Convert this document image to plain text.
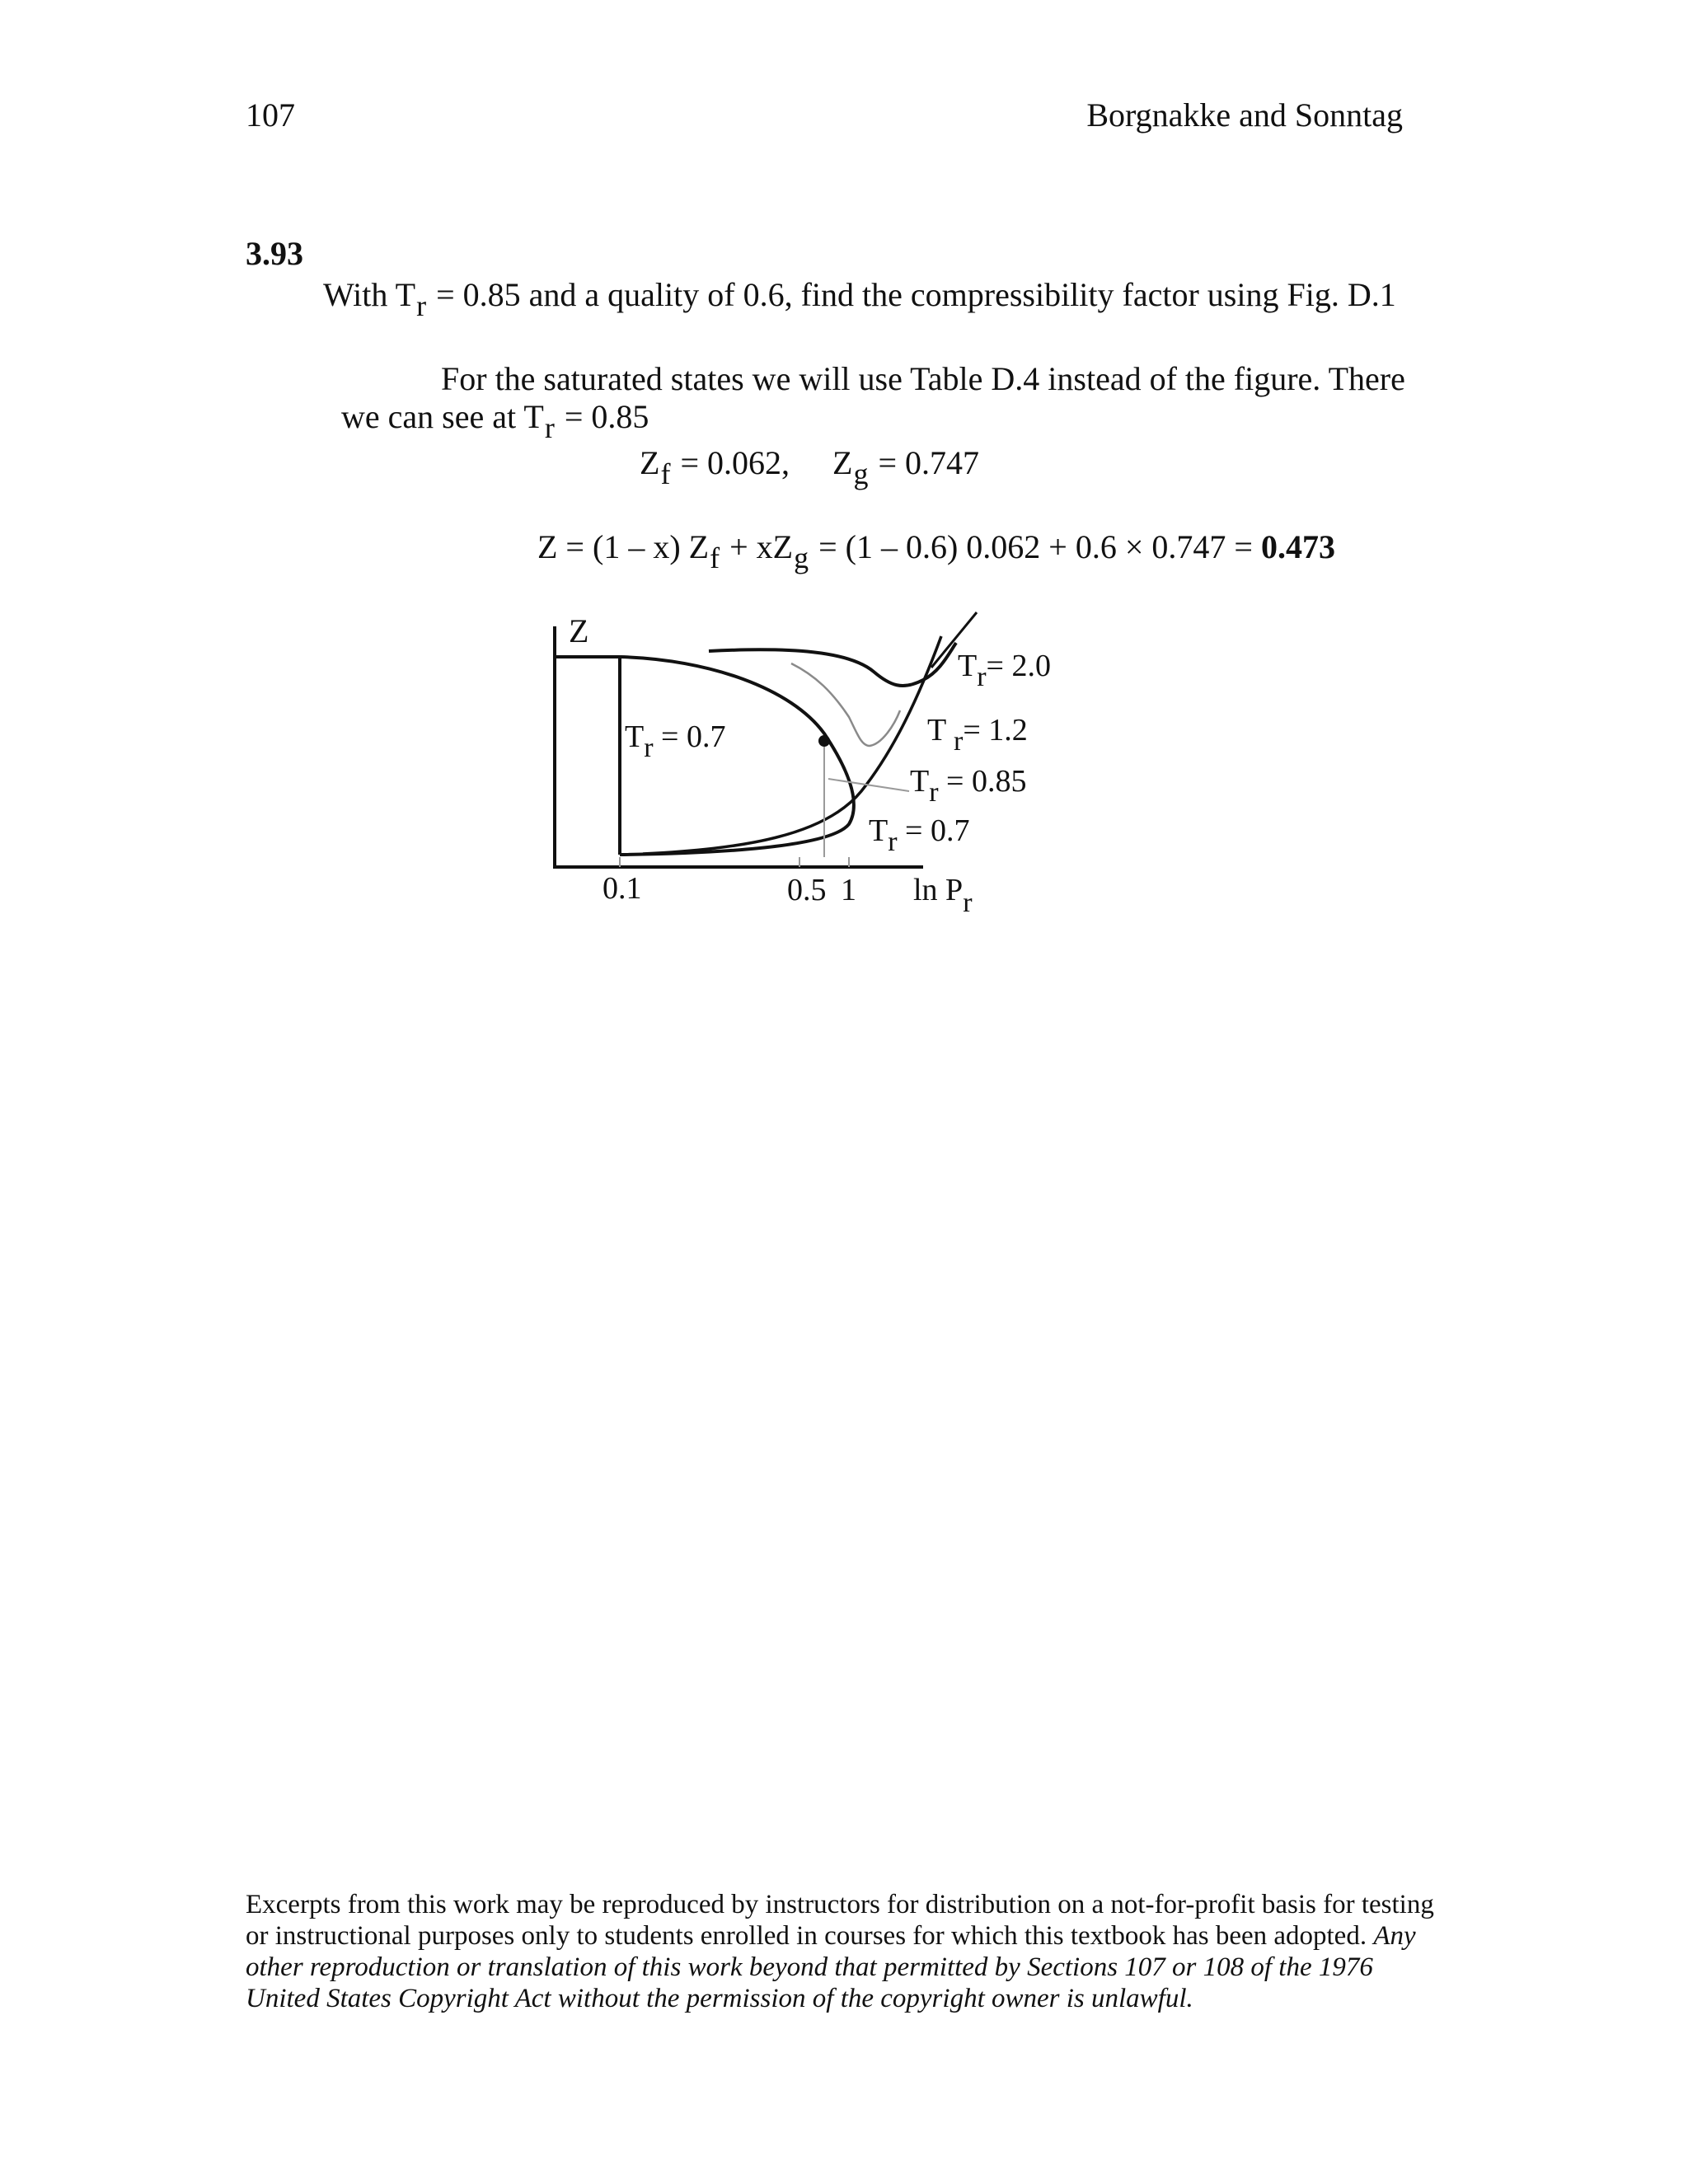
107	Borgnakke and Sonntag
3.93
With Tr = 0.85 and a quality of 0.6, find the compressibility factor using Fig. D.1
For the saturated states we will use Table D.4 instead of the figure. There
we can see at Tr = 0.85
Zf = 0.062, Zg = 0.747
Z = (1 – x) Zf + xZg = (1 – 0.6) 0.062 + 0.6 × 0.747 = 0.473
Z
0.1	0.5 1 ln Pr
Tr= 2.0
T r= 1.2
Tr = 0.85
Tr = 0.7
Tr = 0.7
Excerpts from this work may be reproduced by instructors for distribution on a not-for-profit basis for testing or instructional purposes only to students enrolled in courses for which this textbook has been adopted. Any other reproduction or translation of this work beyond that permitted by Sections 107 or 108 of the 1976 United States Copyright Act without the permission of the copyright owner is unlawful.
